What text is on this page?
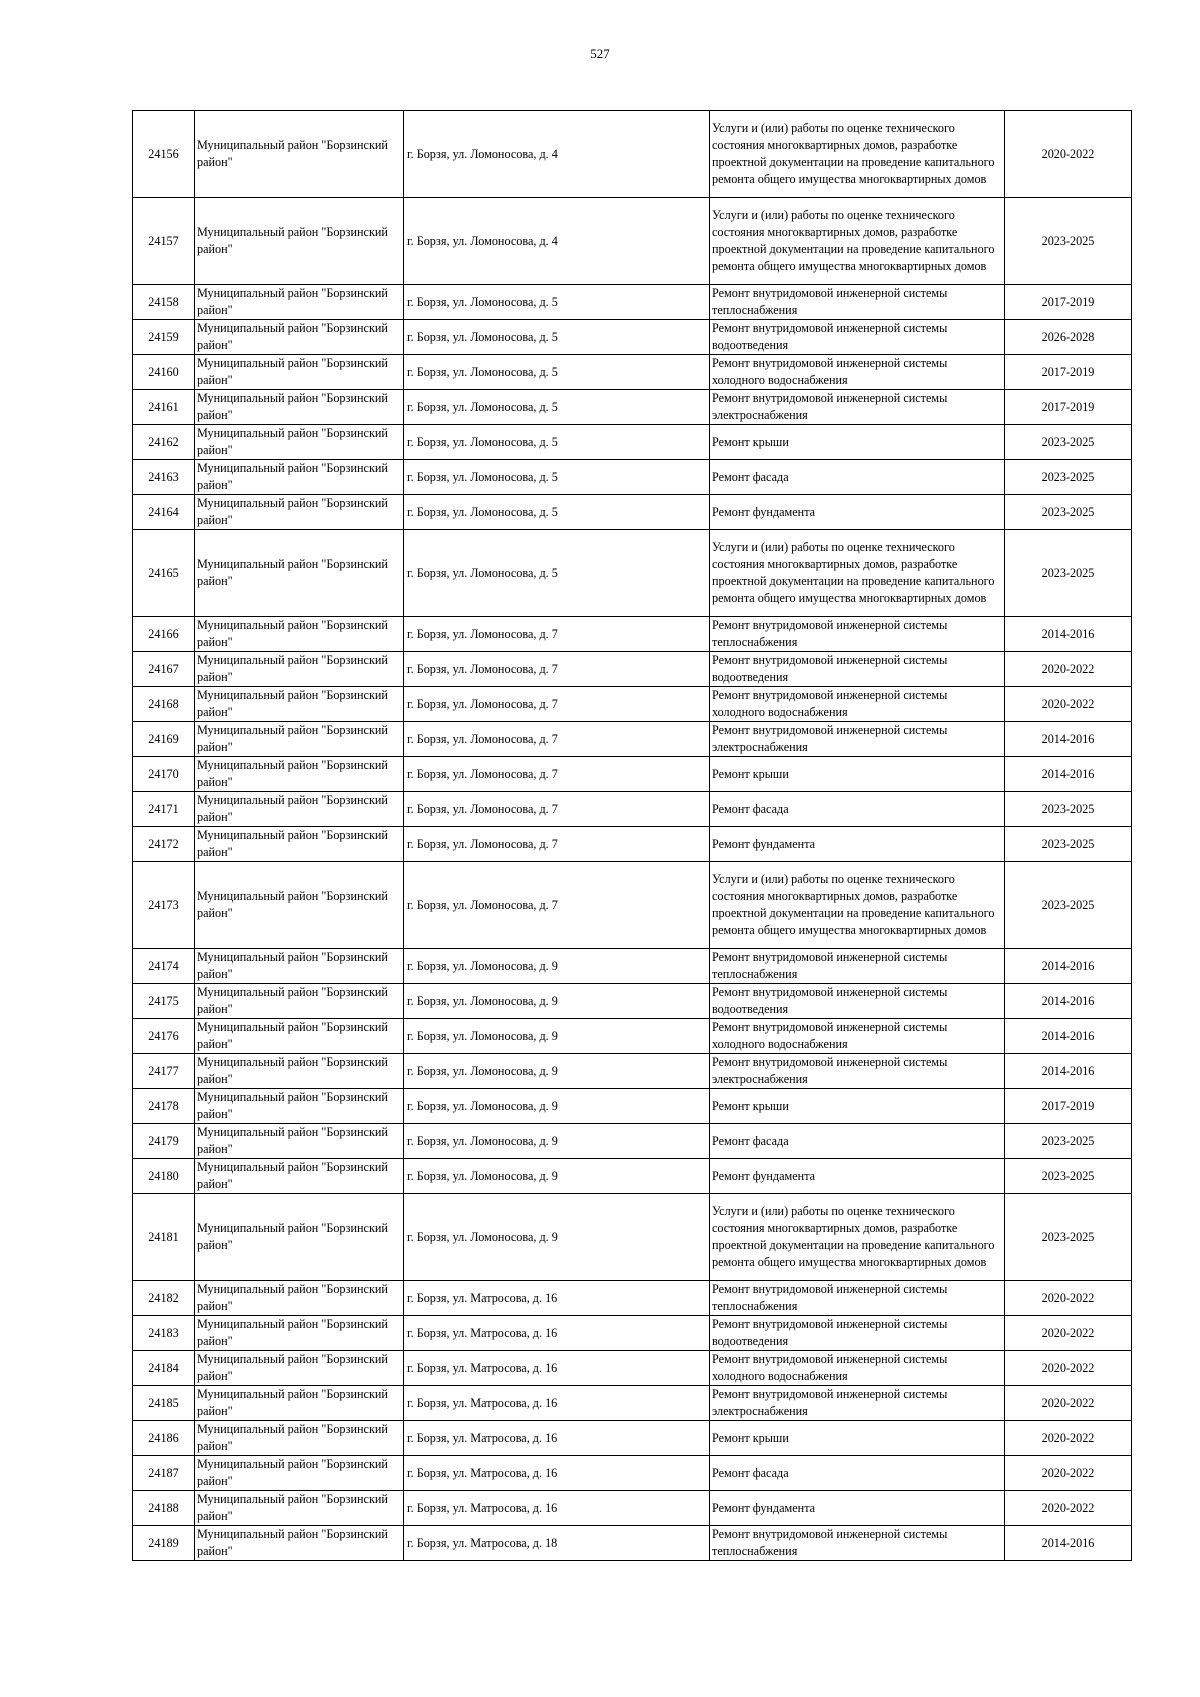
527
24156	Муниципальный район "Борзинский район"	г. Борзя, ул. Ломоносова, д. 4	Услуги и (или) работы по оценке технического состояния многоквартирных домов, разработке проектной документации на проведение капитального ремонта общего имущества многоквартирных домов	2020-2022
24157	Муниципальный район "Борзинский район"	г. Борзя, ул. Ломоносова, д. 4	Услуги и (или) работы по оценке технического состояния многоквартирных домов, разработке проектной документации на проведение капитального ремонта общего имущества многоквартирных домов	2023-2025
24158	Муниципальный район "Борзинский район"	г. Борзя, ул. Ломоносова, д. 5	Ремонт внутридомовой инженерной системы теплоснабжения	2017-2019
24159	Муниципальный район "Борзинский район"	г. Борзя, ул. Ломоносова, д. 5	Ремонт внутридомовой инженерной системы водоотведения	2026-2028
24160	Муниципальный район "Борзинский район"	г. Борзя, ул. Ломоносова, д. 5	Ремонт внутридомовой инженерной системы холодного водоснабжения	2017-2019
24161	Муниципальный район "Борзинский район"	г. Борзя, ул. Ломоносова, д. 5	Ремонт внутридомовой инженерной системы электроснабжения	2017-2019
24162	Муниципальный район "Борзинский район"	г. Борзя, ул. Ломоносова, д. 5	Ремонт крыши	2023-2025
24163	Муниципальный район "Борзинский район"	г. Борзя, ул. Ломоносова, д. 5	Ремонт фасада	2023-2025
24164	Муниципальный район "Борзинский район"	г. Борзя, ул. Ломоносова, д. 5	Ремонт фундамента	2023-2025
24165	Муниципальный район "Борзинский район"	г. Борзя, ул. Ломоносова, д. 5	Услуги и (или) работы по оценке технического состояния многоквартирных домов, разработке проектной документации на проведение капитального ремонта общего имущества многоквартирных домов	2023-2025
24166	Муниципальный район "Борзинский район"	г. Борзя, ул. Ломоносова, д. 7	Ремонт внутридомовой инженерной системы теплоснабжения	2014-2016
24167	Муниципальный район "Борзинский район"	г. Борзя, ул. Ломоносова, д. 7	Ремонт внутридомовой инженерной системы водоотведения	2020-2022
24168	Муниципальный район "Борзинский район"	г. Борзя, ул. Ломоносова, д. 7	Ремонт внутридомовой инженерной системы холодного водоснабжения	2020-2022
24169	Муниципальный район "Борзинский район"	г. Борзя, ул. Ломоносова, д. 7	Ремонт внутридомовой инженерной системы электроснабжения	2014-2016
24170	Муниципальный район "Борзинский район"	г. Борзя, ул. Ломоносова, д. 7	Ремонт крыши	2014-2016
24171	Муниципальный район "Борзинский район"	г. Борзя, ул. Ломоносова, д. 7	Ремонт фасада	2023-2025
24172	Муниципальный район "Борзинский район"	г. Борзя, ул. Ломоносова, д. 7	Ремонт фундамента	2023-2025
24173	Муниципальный район "Борзинский район"	г. Борзя, ул. Ломоносова, д. 7	Услуги и (или) работы по оценке технического состояния многоквартирных домов, разработке проектной документации на проведение капитального ремонта общего имущества многоквартирных домов	2023-2025
24174	Муниципальный район "Борзинский район"	г. Борзя, ул. Ломоносова, д. 9	Ремонт внутридомовой инженерной системы теплоснабжения	2014-2016
24175	Муниципальный район "Борзинский район"	г. Борзя, ул. Ломоносова, д. 9	Ремонт внутридомовой инженерной системы водоотведения	2014-2016
24176	Муниципальный район "Борзинский район"	г. Борзя, ул. Ломоносова, д. 9	Ремонт внутридомовой инженерной системы холодного водоснабжения	2014-2016
24177	Муниципальный район "Борзинский район"	г. Борзя, ул. Ломоносова, д. 9	Ремонт внутридомовой инженерной системы электроснабжения	2014-2016
24178	Муниципальный район "Борзинский район"	г. Борзя, ул. Ломоносова, д. 9	Ремонт крыши	2017-2019
24179	Муниципальный район "Борзинский район"	г. Борзя, ул. Ломоносова, д. 9	Ремонт фасада	2023-2025
24180	Муниципальный район "Борзинский район"	г. Борзя, ул. Ломоносова, д. 9	Ремонт фундамента	2023-2025
24181	Муниципальный район "Борзинский район"	г. Борзя, ул. Ломоносова, д. 9	Услуги и (или) работы по оценке технического состояния многоквартирных домов, разработке проектной документации на проведение капитального ремонта общего имущества многоквартирных домов	2023-2025
24182	Муниципальный район "Борзинский район"	г. Борзя, ул. Матросова, д. 16	Ремонт внутридомовой инженерной системы теплоснабжения	2020-2022
24183	Муниципальный район "Борзинский район"	г. Борзя, ул. Матросова, д. 16	Ремонт внутридомовой инженерной системы водоотведения	2020-2022
24184	Муниципальный район "Борзинский район"	г. Борзя, ул. Матросова, д. 16	Ремонт внутридомовой инженерной системы холодного водоснабжения	2020-2022
24185	Муниципальный район "Борзинский район"	г. Борзя, ул. Матросова, д. 16	Ремонт внутридомовой инженерной системы электроснабжения	2020-2022
24186	Муниципальный район "Борзинский район"	г. Борзя, ул. Матросова, д. 16	Ремонт крыши	2020-2022
24187	Муниципальный район "Борзинский район"	г. Борзя, ул. Матросова, д. 16	Ремонт фасада	2020-2022
24188	Муниципальный район "Борзинский район"	г. Борзя, ул. Матросова, д. 16	Ремонт фундамента	2020-2022
24189	Муниципальный район "Борзинский район"	г. Борзя, ул. Матросова, д. 18	Ремонт внутридомовой инженерной системы теплоснабжения	2014-2016
